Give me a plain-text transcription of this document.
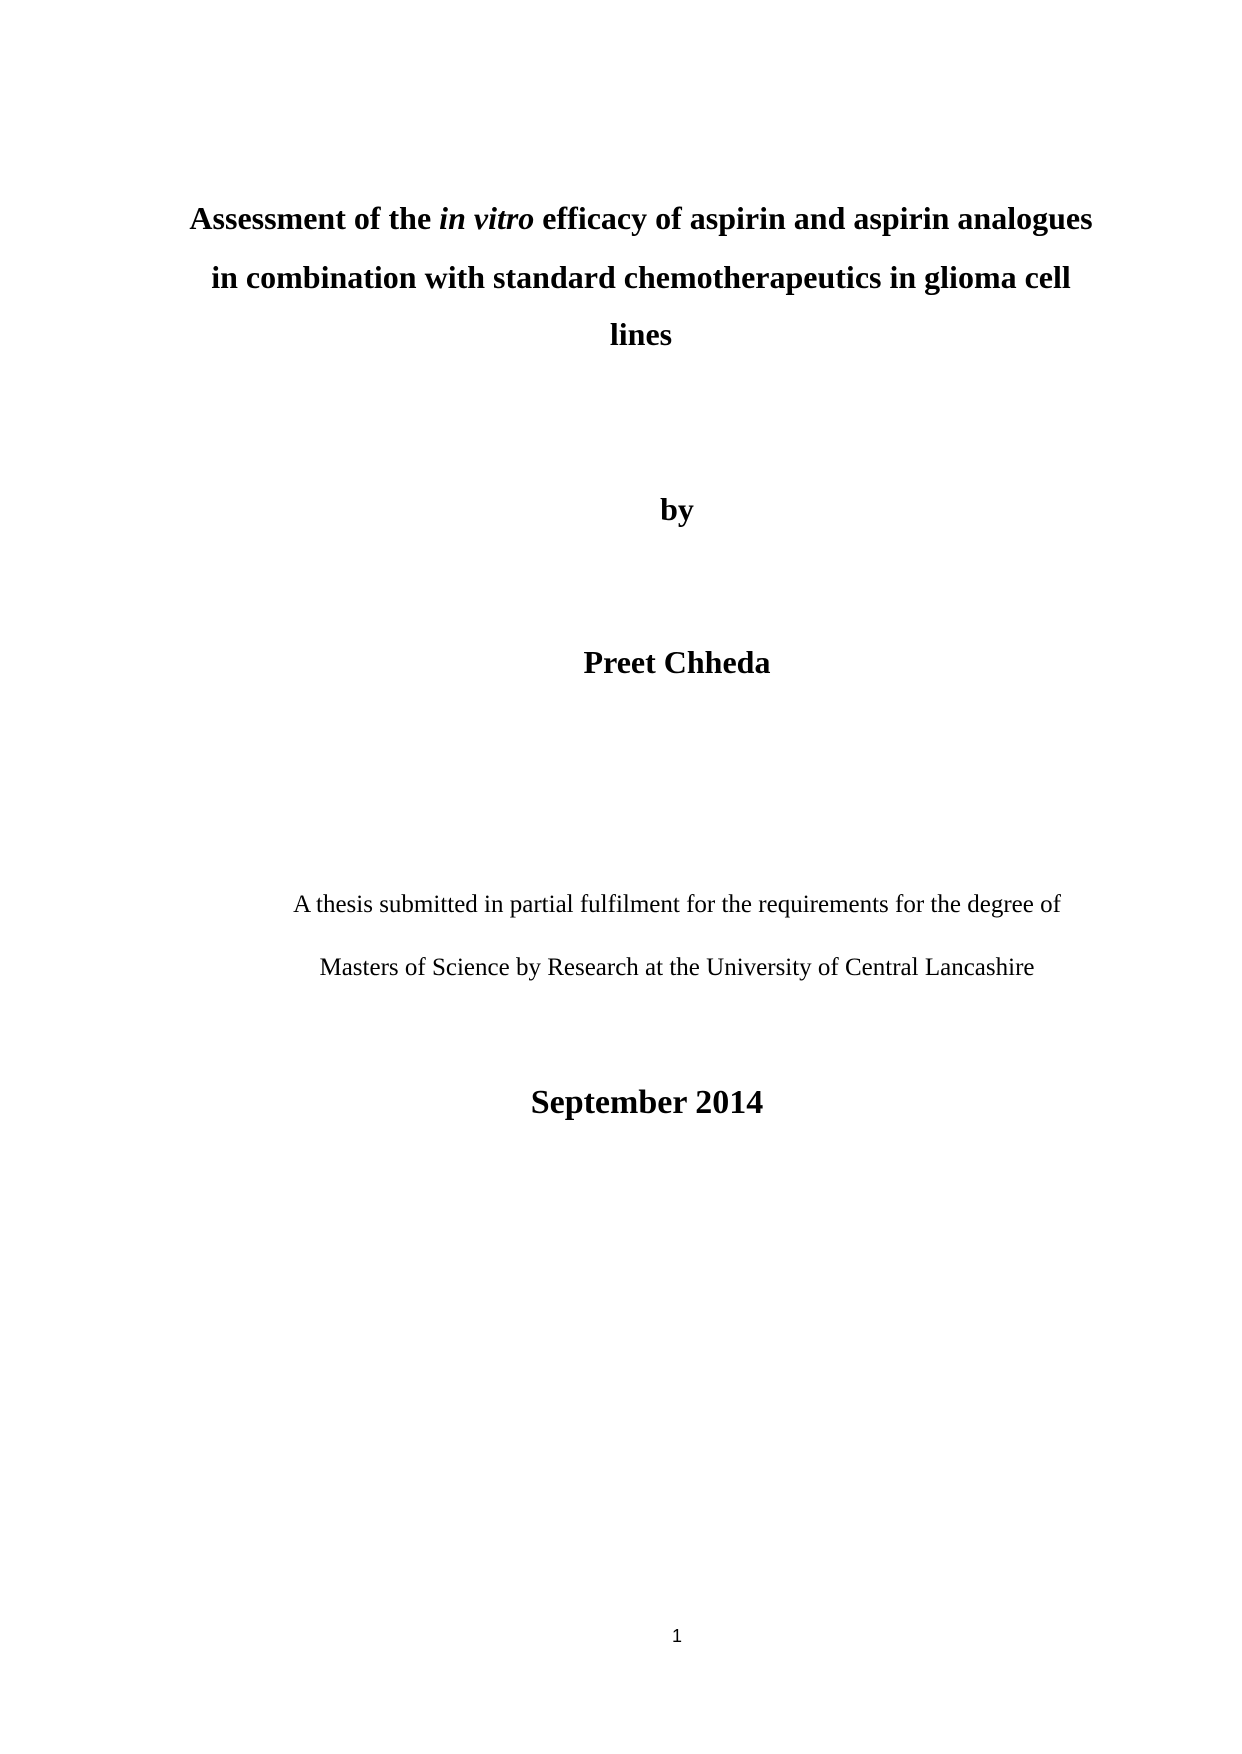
Assessment of the in vitro efficacy of aspirin and aspirin analogues
in combination with standard chemotherapeutics in glioma cell
lines
by
Preet Chheda
A thesis submitted in partial fulfilment for the requirements for the degree of
Masters of Science by Research at the University of Central Lancashire
September 2014
1
